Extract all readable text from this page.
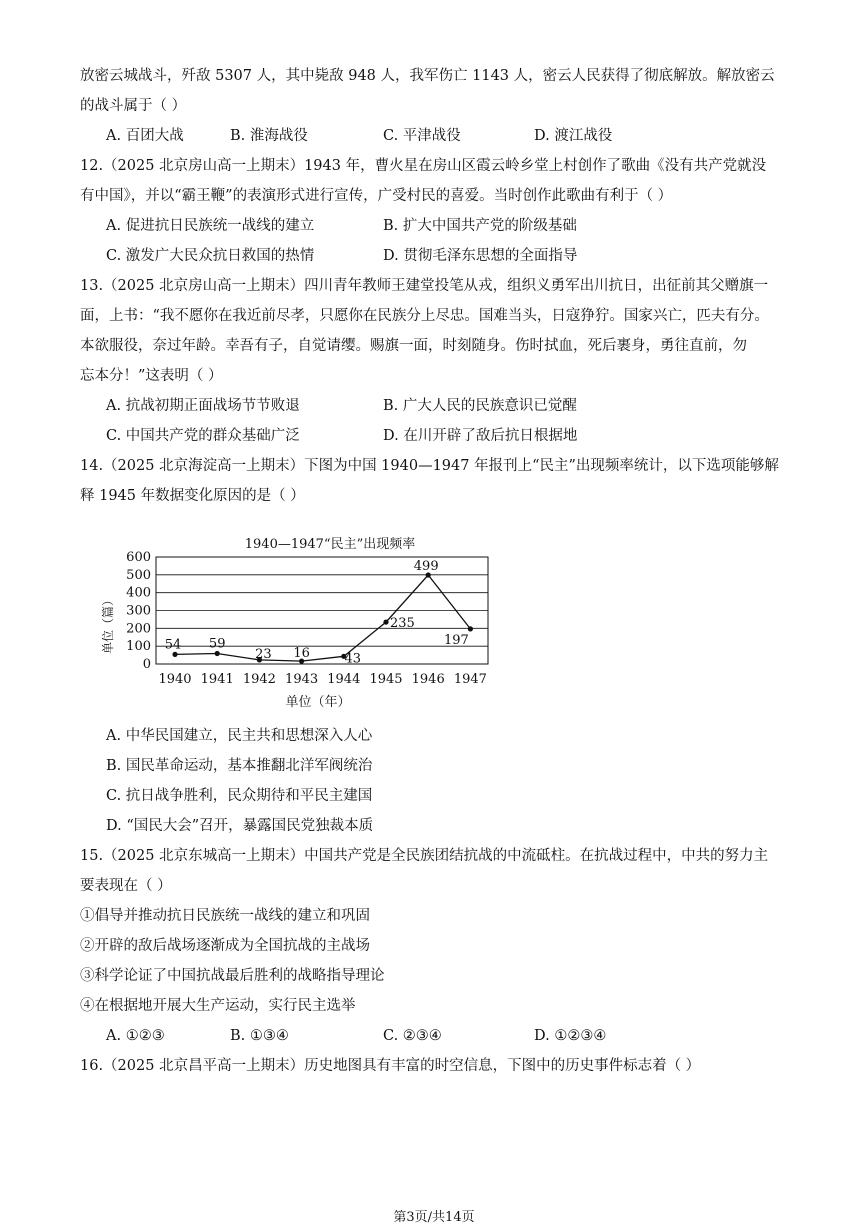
放密云城战斗，歼敌 5307 人，其中毙敌 948 人，我军伤亡 1143 人，密云人民获得了彻底解放。解放密云
的战斗属于（ ）
A. 百团大战	B. 淮海战役	C. 平津战役	D. 渡江战役
12.（2025 北京房山高一上期末）1943 年，曹火星在房山区霞云岭乡堂上村创作了歌曲《没有共产党就没
有中国》，并以“霸王鞭”的表演形式进行宣传，广受村民的喜爱。当时创作此歌曲有利于（ ）
A. 促进抗日民族统一战线的建立	B. 扩大中国共产党的阶级基础
C. 激发广大民众抗日救国的热情	D. 贯彻毛泽东思想的全面指导
13.（2025 北京房山高一上期末）四川青年教师王建堂投笔从戎，组织义勇军出川抗日，出征前其父赠旗一
面，上书：“我不愿你在我近前尽孝，只愿你在民族分上尽忠。国难当头，日寇狰狞。国家兴亡，匹夫有分。
本欲服役，奈过年龄。幸吾有子，自觉请缨。赐旗一面，时刻随身。伤时拭血，死后裹身，勇往直前，勿
忘本分！”这表明（ ）
A. 抗战初期正面战场节节败退	B. 广大人民的民族意识已觉醒
C. 中国共产党的群众基础广泛	D. 在川开辟了敌后抗日根据地
14.（2025 北京海淀高一上期末）下图为中国 1940—1947 年报刊上“民主”出现频率统计，以下选项能够解
释 1945 年数据变化原因的是（ ）
1940—1947“民主”出现频率
单位（篇）
单位（年）
0
100
200
300
400
500
600
1940 1941 1942 1943 1944 1945 1946 1947
54 59
23 16	43
235
499
197
A. 中华民国建立，民主共和思想深入人心
B. 国民革命运动，基本推翻北洋军阀统治
C. 抗日战争胜利，民众期待和平民主建国
D. “国民大会”召开，暴露国民党独裁本质
15.（2025 北京东城高一上期末）中国共产党是全民族团结抗战的中流砥柱。在抗战过程中，中共的努力主
要表现在（ ）
①倡导并推动抗日民族统一战线的建立和巩固
②开辟的敌后战场逐渐成为全国抗战的主战场
③科学论证了中国抗战最后胜利的战略指导理论
④在根据地开展大生产运动，实行民主选举
A. ①②③	B. ①③④	C. ②③④	D. ①②③④
16.（2025 北京昌平高一上期末）历史地图具有丰富的时空信息，下图中的历史事件标志着（ ）
第3页/共14页
